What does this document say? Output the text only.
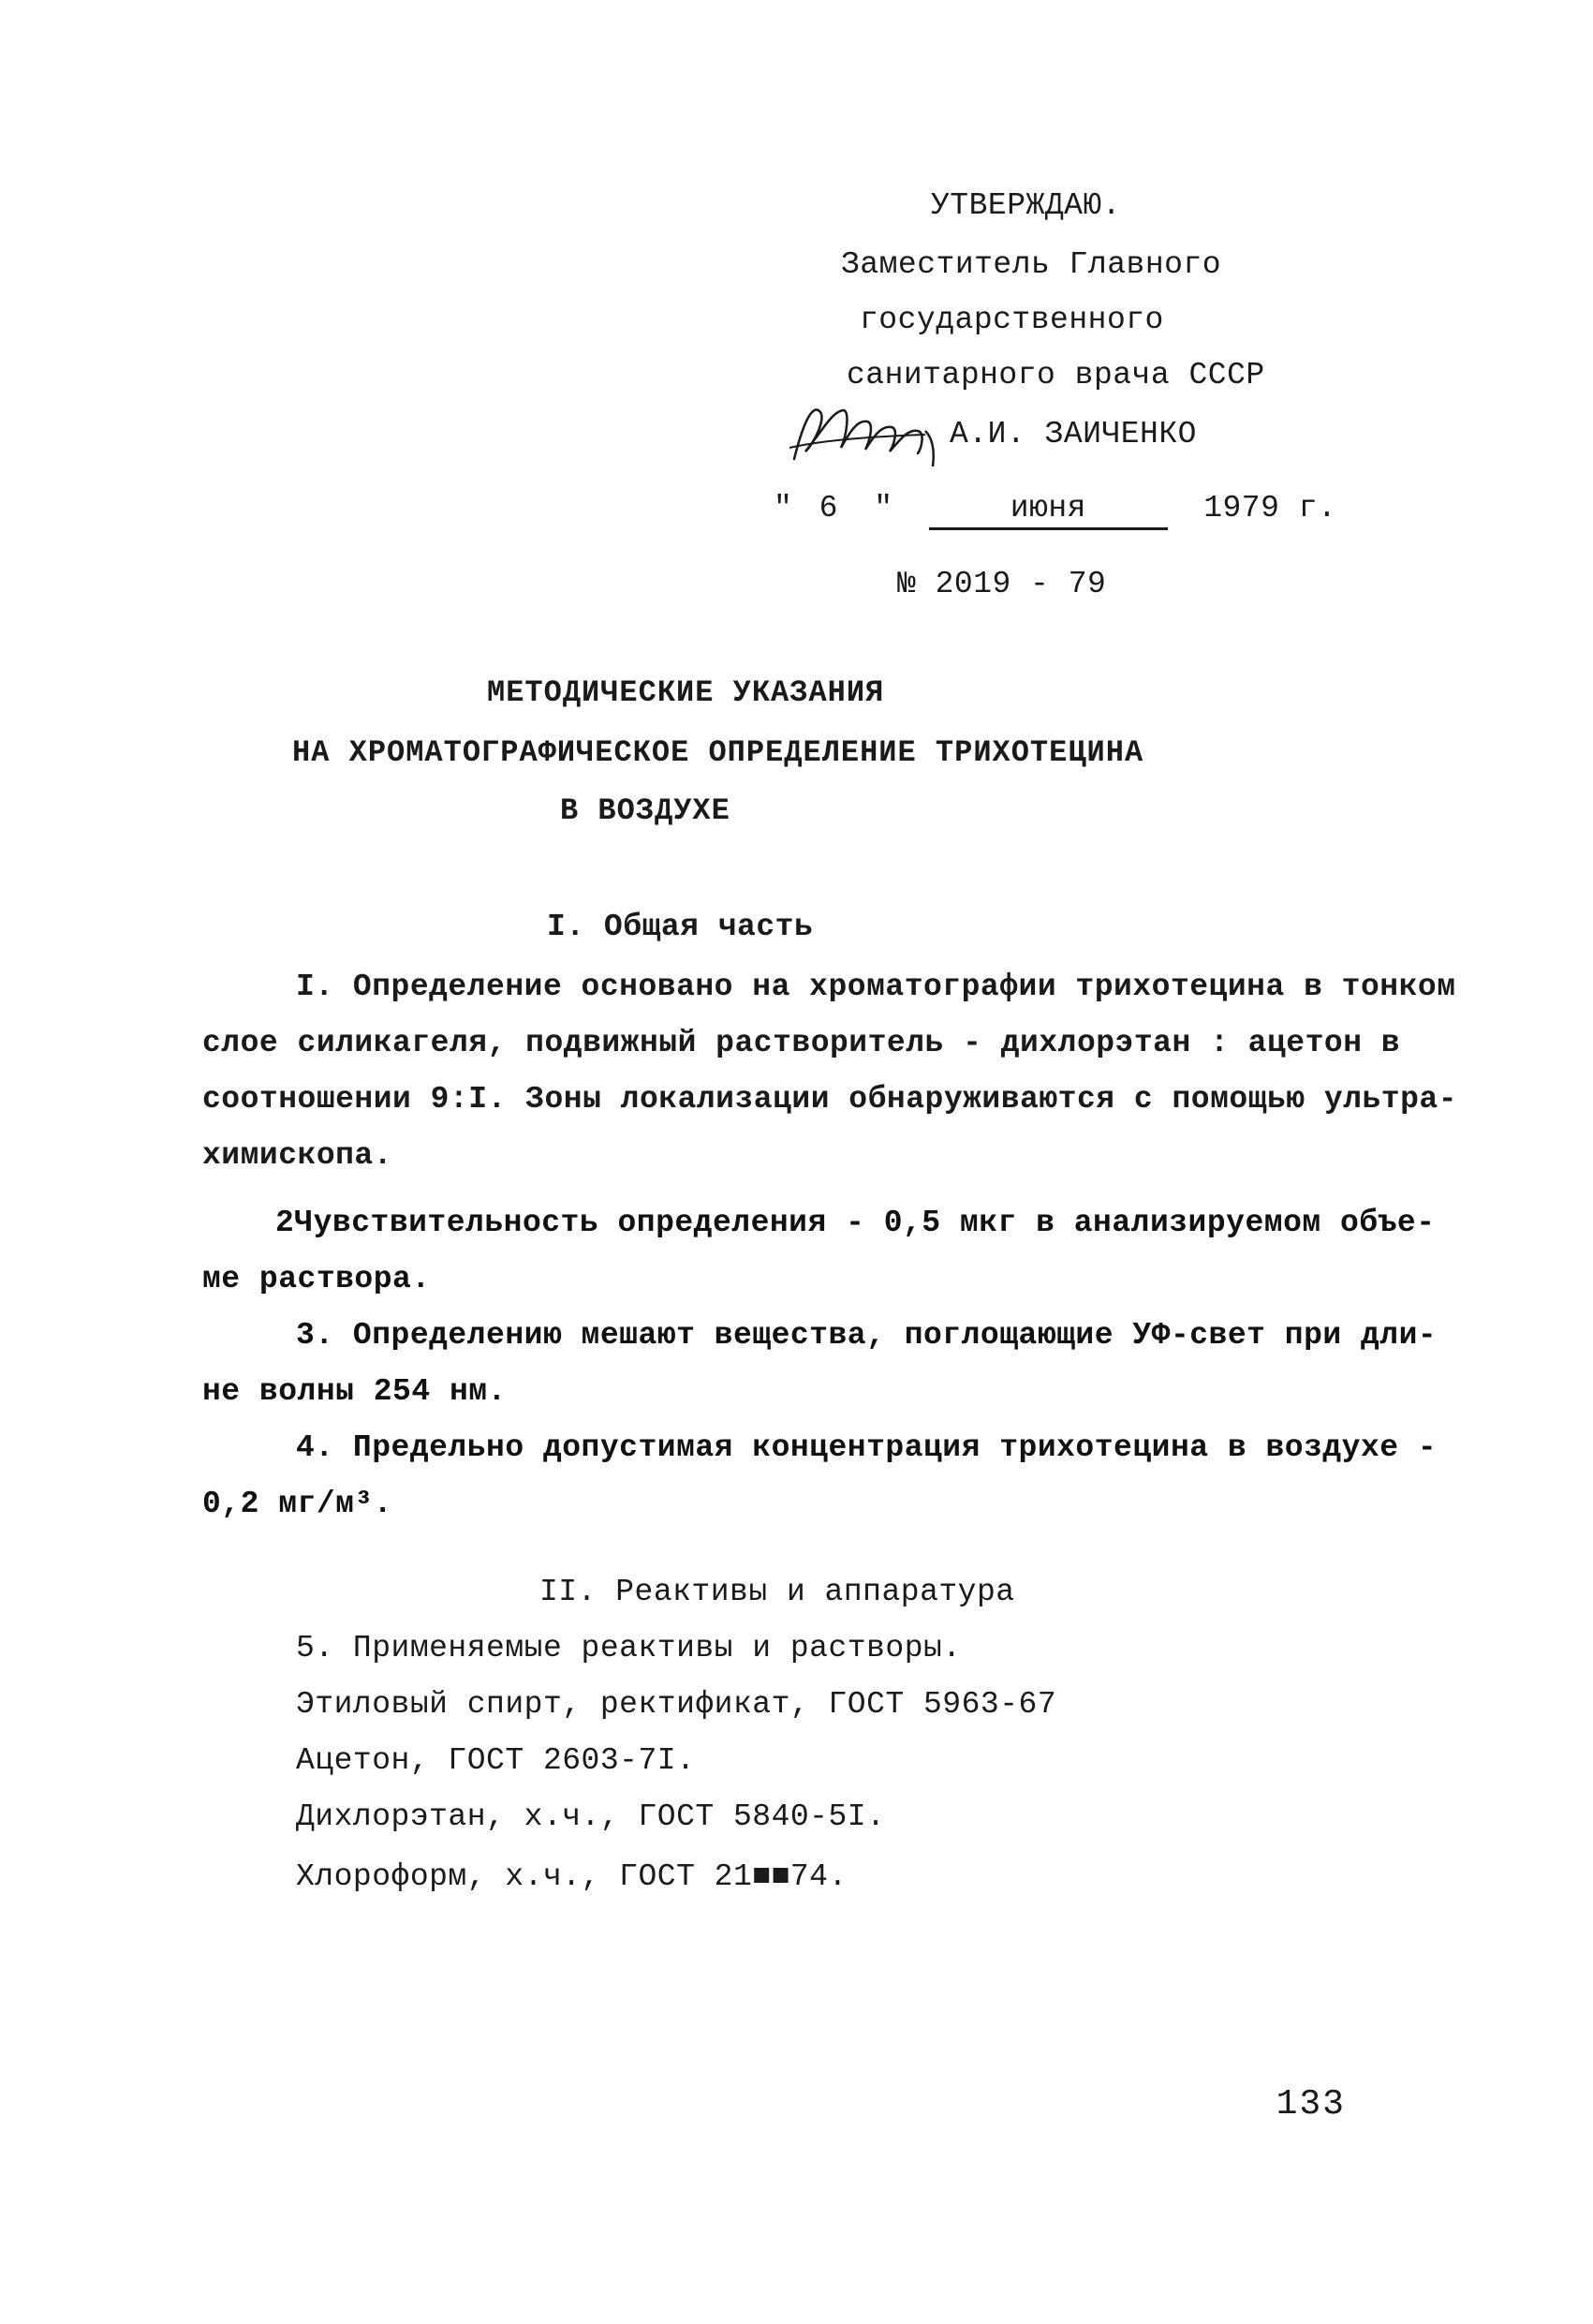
УТВЕРЖДАЮ.
Заместитель Главного
государственного
санитарного врача СССР
А.И. ЗАИЧЕНКО
" 6 "	июня	1979 г.
№ 2019 - 79
МЕТОДИЧЕСКИЕ УКАЗАНИЯ
НА ХРОМАТОГРАФИЧЕСКОЕ ОПРЕДЕЛЕНИЕ ТРИХОТЕЦИНА
В ВОЗДУХЕ
I. Общая часть
I. Определение основано на хроматографии трихотецина в тонком
слое силикагеля, подвижный растворитель - дихлорэтан : ацетон в
соотношении 9:I. Зоны локализации обнаруживаются с помощью ультра-
химископа.
2Чувствительность определения - 0,5 мкг в анализируемом объе-
ме раствора.
3. Определению мешают вещества, поглощающие УФ-свет при дли-
не волны 254 нм.
4. Предельно допустимая концентрация трихотецина в воздухе -
0,2 мг/м³.
II. Реактивы и аппаратура
5. Применяемые реактивы и растворы.
Этиловый спирт, ректификат, ГОСТ 5963-67
Ацетон, ГОСТ 2603-7I.
Дихлорэтан, х.ч., ГОСТ 5840-5I.
Хлороформ, х.ч., ГОСТ 21■■74.
133
